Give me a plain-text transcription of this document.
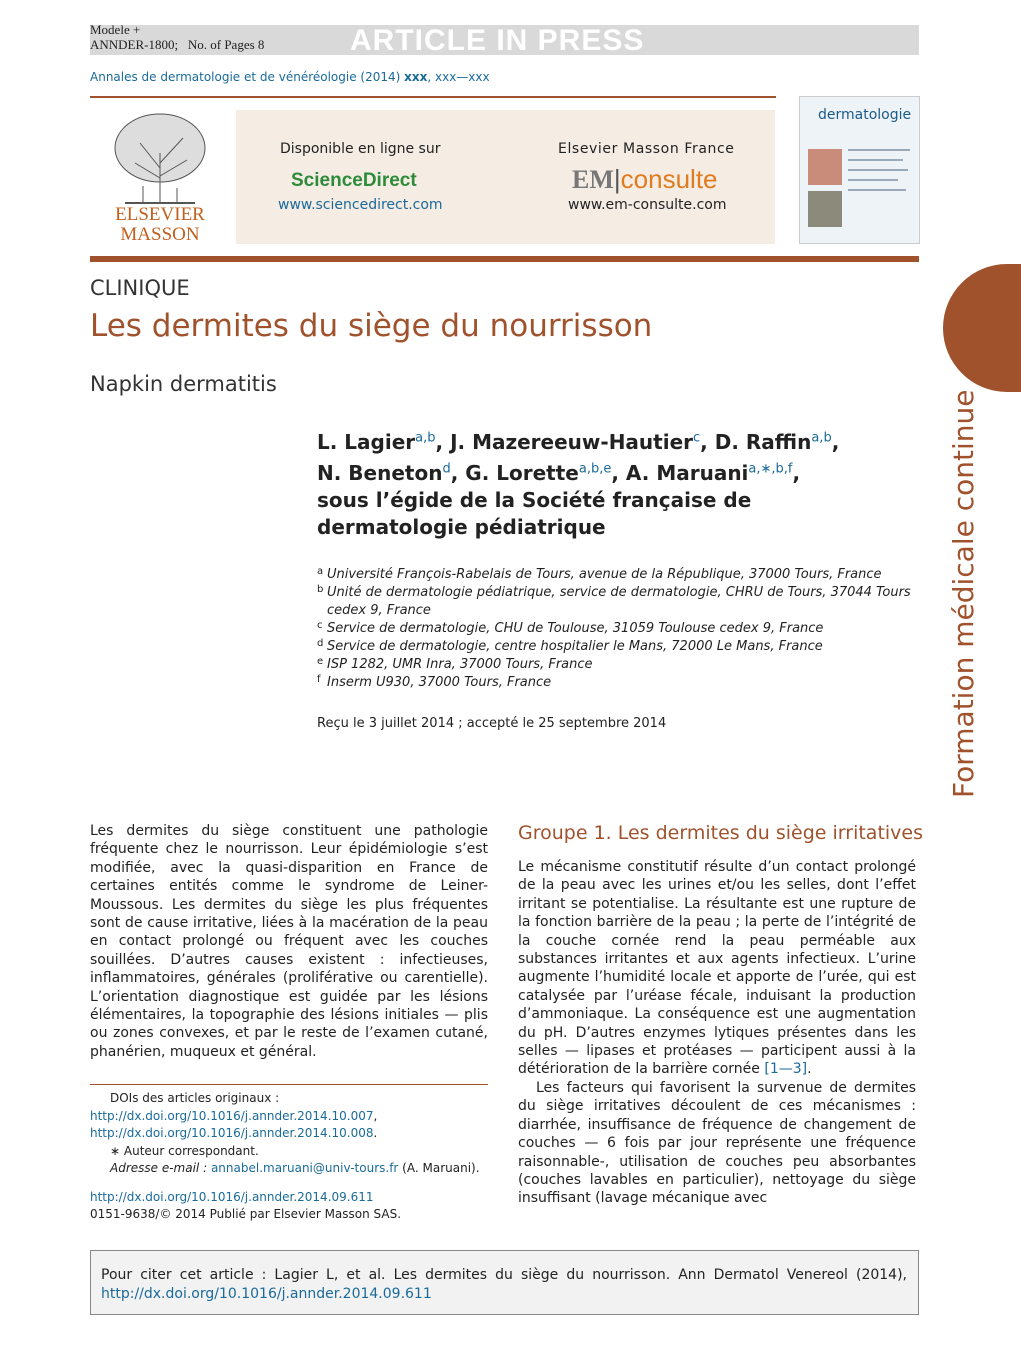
ARTICLE IN PRESS
Modele +
ANNDER-1800; No. of Pages 8
Annales de dermatologie et de vénéréologie (2014) xxx, xxx—xxx
ELSEVIER
MASSON
Disponible en ligne sur
ScienceDirect
www.sciencedirect.com
Elsevier Masson France
EM|consulte
www.em-consulte.com
dermatologie
Formation médicale continue
CLINIQUE
Les dermites du siège du nourrisson
Napkin dermatitis
L. Lagier$^{a,b}$, J. Mazereeuw-Hautier$^c$, D. Raffin$^{a,b}$,
N. Beneton$^d$, G. Lorette$^{a,b,e}$, A. Maruani$^{a,∗,b,f}$,
sous l’égide de la Société française de dermatologie pédiatrique
a Université François-Rabelais de Tours, avenue de la République, 37000 Tours, France
b Unité de dermatologie pédiatrique, service de dermatologie, CHRU de Tours, 37044 Tours cedex 9, France
c Service de dermatologie, CHU de Toulouse, 31059 Toulouse cedex 9, France
d Service de dermatologie, centre hospitalier le Mans, 72000 Le Mans, France
e ISP 1282, UMR Inra, 37000 Tours, France
f Inserm U930, 37000 Tours, France
Reçu le 3 juillet 2014 ; accepté le 25 septembre 2014
Les dermites du siège constituent une pathologie fréquente chez le nourrisson. Leur épidémiologie s’est modifiée, avec la quasi-disparition en France de certaines entités comme le syndrome de Leiner-Moussous. Les dermites du siège les plus fréquentes sont de cause irritative, liées à la macération de la peau en contact prolongé ou fréquent avec les couches souillées. D’autres causes existent : infectieuses, inflammatoires, générales (proliférative ou carentielle). L’orientation diagnostique est guidée par les lésions élémentaires, la topographie des lésions initiales — plis ou zones convexes, et par le reste de l’examen cutané, phanérien, muqueux et général.
Groupe 1. Les dermites du siège irritatives

Le mécanisme constitutif résulte d’un contact prolongé de la peau avec les urines et/ou les selles, dont l’effet irritant se potentialise. La résultante est une rupture de la fonction barrière de la peau ; la perte de l’intégrité de la couche cornée rend la peau perméable aux substances irritantes et aux agents infectieux. L’urine augmente l’humidité locale et apporte de l’urée, qui est catalysée par l’uréase fécale, induisant la production d’ammoniaque. La conséquence est une augmentation du pH. D’autres enzymes lytiques présentes dans les selles — lipases et protéases — participent aussi à la détérioration de la barrière cornée [1—3].

Les facteurs qui favorisent la survenue de dermites du siège irritatives découlent de ces mécanismes : diarrhée, insuffisance de fréquence de changement de couches — 6 fois par jour représente une fréquence raisonnable-, utilisation de couches peu absorbantes (couches lavables en particulier), nettoyage du siège insuffisant (lavage mécanique avec

DOIs des articles originaux :
http://dx.doi.org/10.1016/j.annder.2014.10.007,
http://dx.doi.org/10.1016/j.annder.2014.10.008.
∗ Auteur correspondant.
Adresse e-mail : annabel.maruani@univ-tours.fr (A. Maruani).
http://dx.doi.org/10.1016/j.annder.2014.09.611
0151-9638/© 2014 Publié par Elsevier Masson SAS.
Pour citer cet article : Lagier L, et al. Les dermites du siège du nourrisson. Ann Dermatol Venereol (2014), http://dx.doi.org/10.1016/j.annder.2014.09.611
